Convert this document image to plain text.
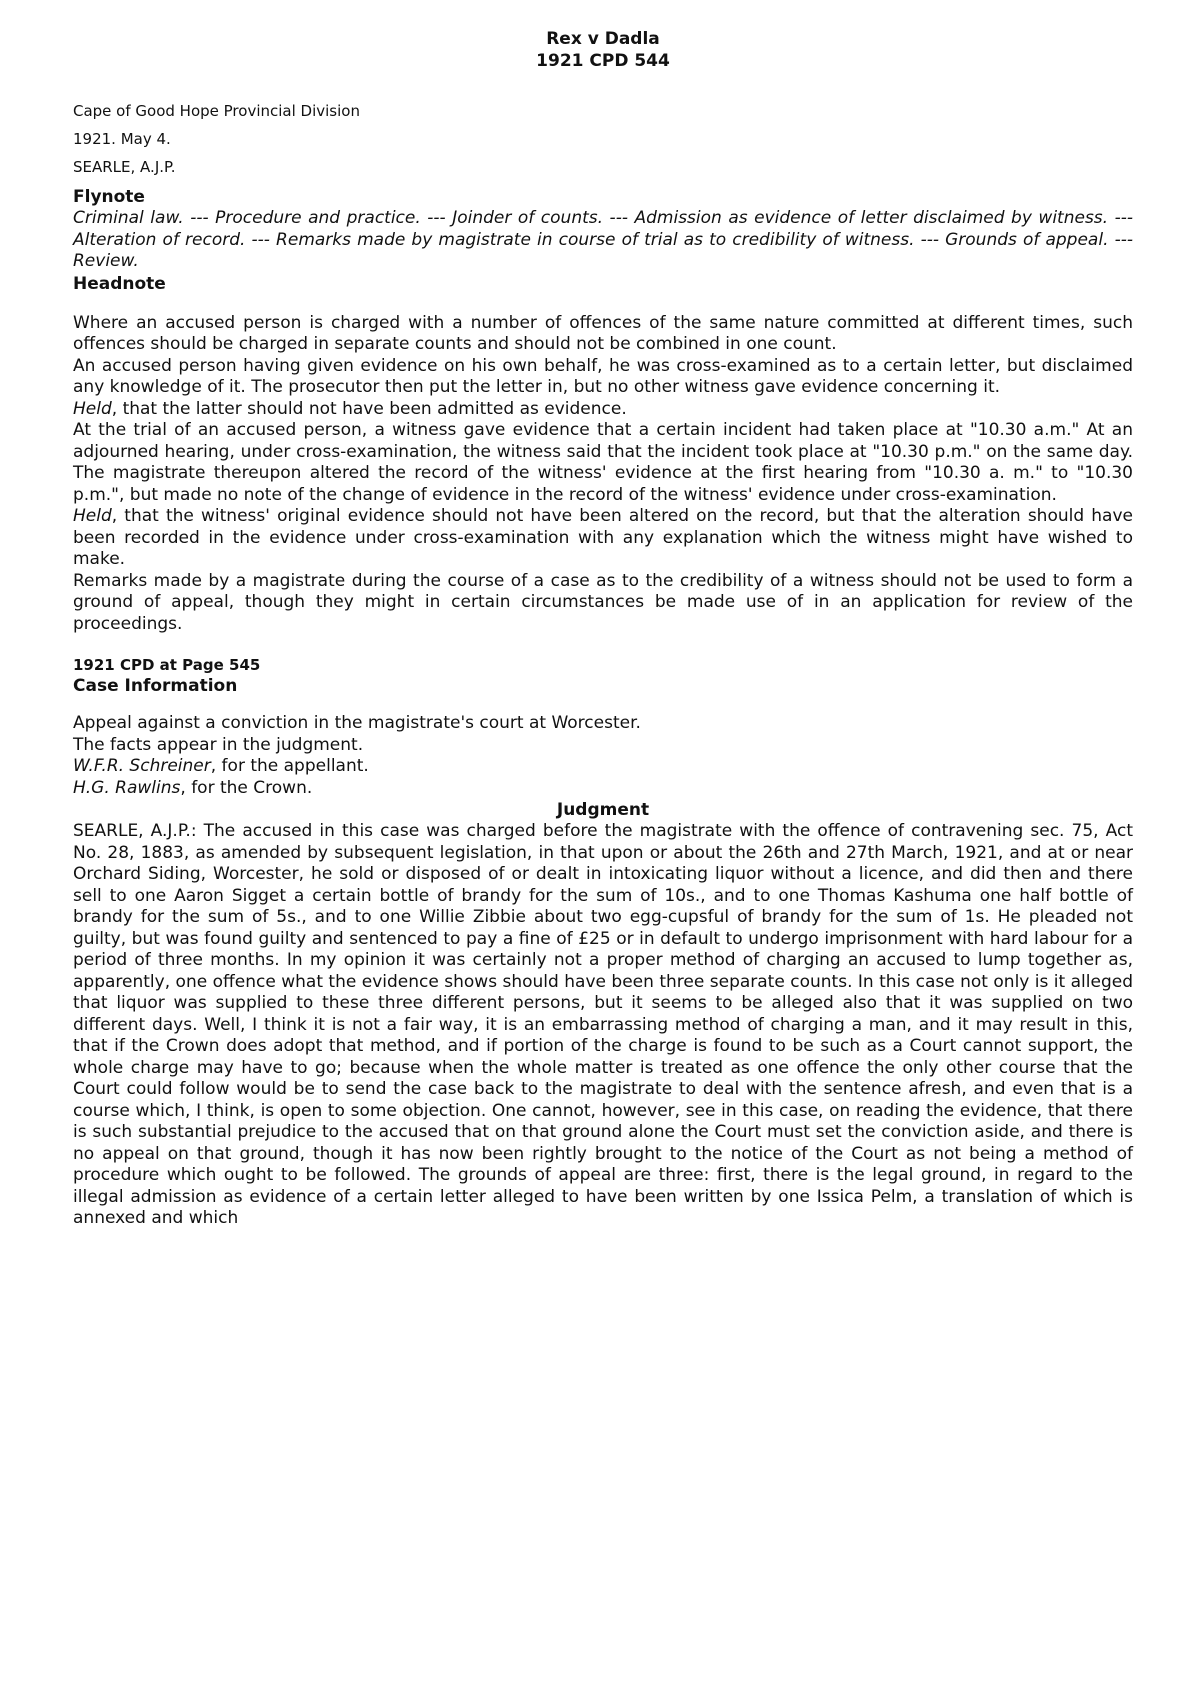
Rex v Dadla
1921 CPD 544

Cape of Good Hope Provincial Division

1921. May 4.

SEARLE, A.J.P.

Flynote

Criminal law. --- Procedure and practice. --- Joinder of counts. --- Admission as evidence of letter disclaimed by witness. --- Alteration of record. --- Remarks made by magistrate in course of trial as to credibility of witness. --- Grounds of appeal. --- Review.

Headnote

Where an accused person is charged with a number of offences of the same nature committed at different times, such offences should be charged in separate counts and should not be combined in one count.

An accused person having given evidence on his own behalf, he was cross-examined as to a certain letter, but disclaimed any knowledge of it. The prosecutor then put the letter in, but no other witness gave evidence concerning it.

Held, that the latter should not have been admitted as evidence.

At the trial of an accused person, a witness gave evidence that a certain incident had taken place at "10.30 a.m." At an adjourned hearing, under cross-examination, the witness said that the incident took place at "10.30 p.m." on the same day. The magistrate thereupon altered the record of the witness' evidence at the first hearing from "10.30 a. m." to "10.30 p.m.", but made no note of the change of evidence in the record of the witness' evidence under cross-examination.

Held, that the witness' original evidence should not have been altered on the record, but that the alteration should have been recorded in the evidence under cross-examination with any explanation which the witness might have wished to make.

Remarks made by a magistrate during the course of a case as to the credibility of a witness should not be used to form a ground of appeal, though they might in certain circumstances be made use of in an application for review of the proceedings.

1921 CPD at Page 545
Case Information

Appeal against a conviction in the magistrate's court at Worcester.

The facts appear in the judgment.

W.F.R. Schreiner, for the appellant.

H.G. Rawlins, for the Crown.

Judgment

SEARLE, A.J.P.: The accused in this case was charged before the magistrate with the offence of contravening sec. 75, Act No. 28, 1883, as amended by subsequent legislation, in that upon or about the 26th and 27th March, 1921, and at or near Orchard Siding, Worcester, he sold or disposed of or dealt in intoxicating liquor without a licence, and did then and there sell to one Aaron Sigget a certain bottle of brandy for the sum of 10s., and to one Thomas Kashuma one half bottle of brandy for the sum of 5s., and to one Willie Zibbie about two egg-cupsful of brandy for the sum of 1s. He pleaded not guilty, but was found guilty and sentenced to pay a fine of £25 or in default to undergo imprisonment with hard labour for a period of three months. In my opinion it was certainly not a proper method of charging an accused to lump together as, apparently, one offence what the evidence shows should have been three separate counts. In this case not only is it alleged that liquor was supplied to these three different persons, but it seems to be alleged also that it was supplied on two different days. Well, I think it is not a fair way, it is an embarrassing method of charging a man, and it may result in this, that if the Crown does adopt that method, and if portion of the charge is found to be such as a Court cannot support, the whole charge may have to go; because when the whole matter is treated as one offence the only other course that the Court could follow would be to send the case back to the magistrate to deal with the sentence afresh, and even that is a course which, I think, is open to some objection. One cannot, however, see in this case, on reading the evidence, that there is such substantial prejudice to the accused that on that ground alone the Court must set the conviction aside, and there is no appeal on that ground, though it has now been rightly brought to the notice of the Court as not being a method of procedure which ought to be followed. The grounds of appeal are three: first, there is the legal ground, in regard to the illegal admission as evidence of a certain letter alleged to have been written by one Issica Pelm, a translation of which is annexed and which
